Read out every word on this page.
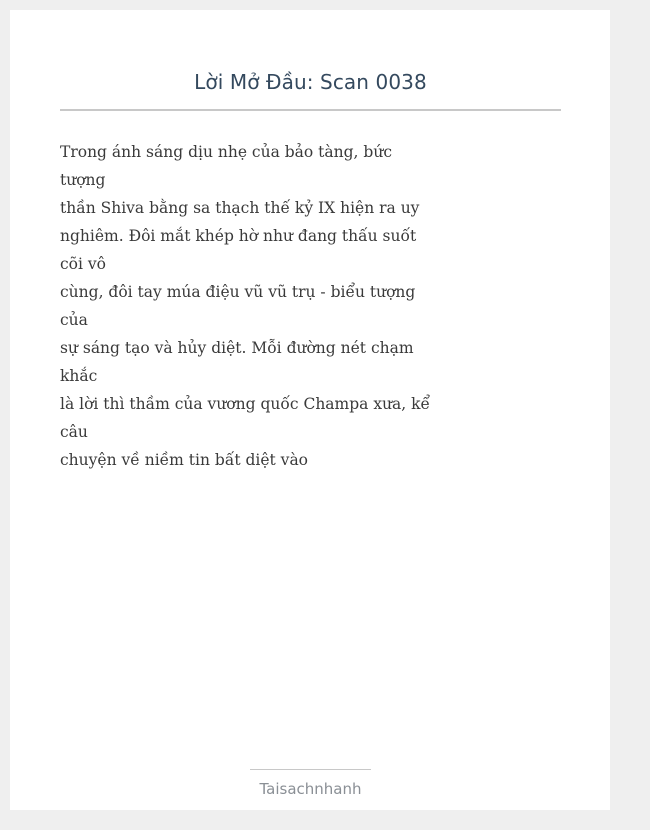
Lời Mở Đầu: Scan 0038
Trong ánh sáng dịu nhẹ của bảo tàng, bức
tượng
thần Shiva bằng sa thạch thế kỷ IX hiện ra uy
nghiêm. Đôi mắt khép hờ như đang thấu suốt
cõi vô
cùng, đôi tay múa điệu vũ vũ trụ - biểu tượng
của
sự sáng tạo và hủy diệt. Mỗi đường nét chạm
khắc
là lời thì thầm của vương quốc Champa xưa, kể
câu
chuyện về niềm tin bất diệt vào
Taisachnhanh
